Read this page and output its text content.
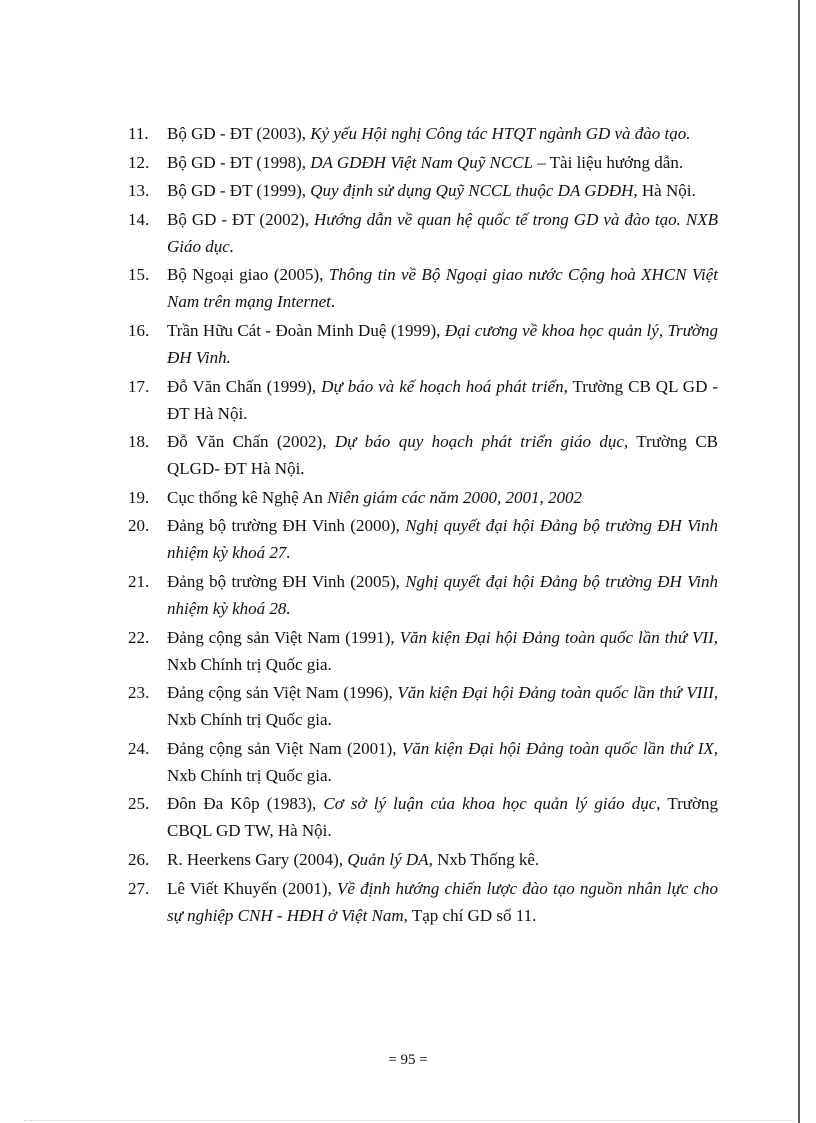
11.	Bộ GD - ĐT (2003), Kỷ yếu Hội nghị Công tác HTQT ngành GD và đào tạo.
12.	Bộ GD - ĐT (1998), DA GDĐH Việt Nam Quỹ NCCL – Tài liệu hướng dẫn.
13.	Bộ GD - ĐT (1999), Quy định sử dụng Quỹ NCCL thuộc DA GDĐH, Hà Nội.
14.	Bộ GD - ĐT (2002), Hướng dẫn về quan hệ quốc tế trong GD và đào tạo. NXB Giáo dục.
15.	Bộ Ngoại giao (2005), Thông tin về Bộ Ngoại giao nước Cộng hoà XHCN Việt Nam trên mạng Internet.
16.	Trần Hữu Cát - Đoàn Minh Duệ (1999), Đại cương về khoa học quản lý, Trường ĐH Vinh.
17.	Đỗ Văn Chấn (1999), Dự báo và kế hoạch hoá phát triển, Trường CB QL GD - ĐT Hà Nội.
18.	Đỗ Văn Chấn (2002), Dự báo quy hoạch phát triển giáo dục, Trường CB QLGD- ĐT Hà Nội.
19.	Cục thống kê Nghệ An Niên giám các năm 2000, 2001, 2002
20.	Đảng bộ trường ĐH Vinh (2000), Nghị quyết đại hội Đảng bộ trường ĐH Vinh nhiệm kỳ khoá 27.
21.	Đảng bộ trường ĐH Vinh (2005), Nghị quyết đại hội Đảng bộ trường ĐH Vinh nhiệm kỳ khoá 28.
22.	Đảng cộng sản Việt Nam (1991), Văn kiện Đại hội Đảng toàn quốc lần thứ VII, Nxb Chính trị Quốc gia.
23.	Đảng cộng sản Việt Nam (1996), Văn kiện Đại hội Đảng toàn quốc lần thứ VIII, Nxb Chính trị Quốc gia.
24.	Đảng cộng sản Việt Nam (2001), Văn kiện Đại hội Đảng toàn quốc lần thứ IX, Nxb Chính trị Quốc gia.
25.	Đôn Đa Kôp (1983), Cơ sở lý luận của khoa học quản lý giáo dục, Trường CBQL GD TW, Hà Nội.
26.	R. Heerkens Gary (2004), Quản lý DA, Nxb Thống kê.
27.	Lê Viết Khuyến (2001), Về định hướng chiến lược đào tạo nguồn nhân lực cho sự nghiệp CNH - HĐH ở Việt Nam, Tạp chí GD số 11.
= 95 =
